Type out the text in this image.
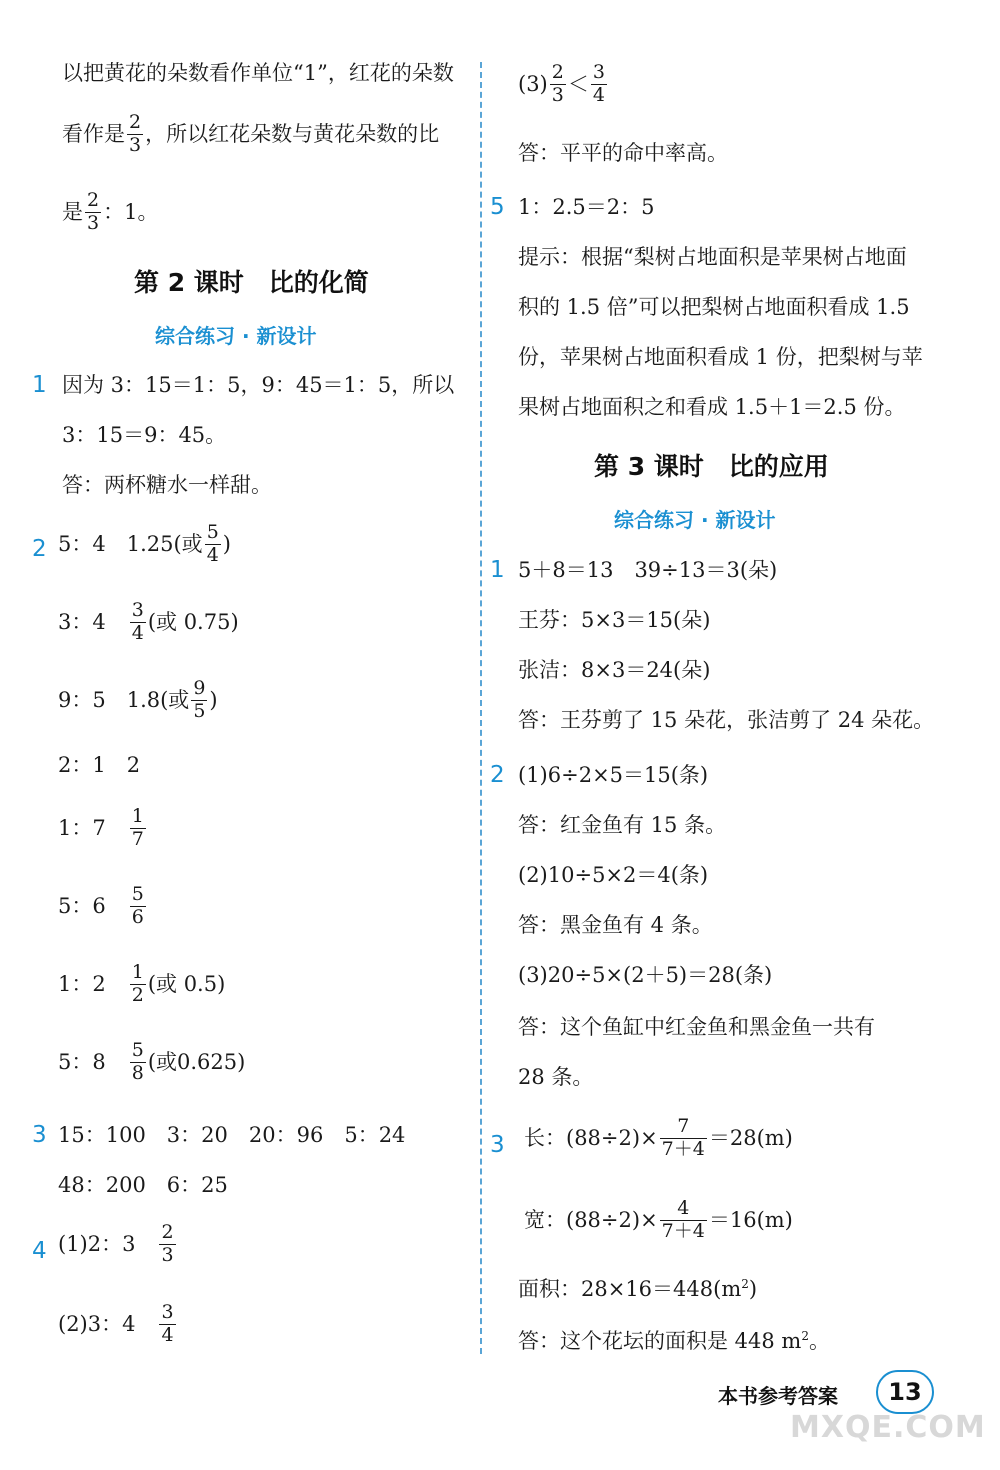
以把黄花的朵数看作单位“1”，红花的朵数
看作是 2
3 ，所以红花朵数与黄花朵数的比
是 2
3 ：1。
第 2 课时　比的化简
综合练习 · 新设计
1 因为 3：15＝1：5，9：45＝1：5，所以
3：15＝9：45。
答：两杯糖水一样甜。
2 5：4　1.25(或 5
4 )
3：4 3
4 (或 0.75)
9：5　1.8(或 9
5 )
2：1　2
1：7 1
7
5：6 5
6
1：2 1
2 (或 0.5)
5：8 5
8 (或0.625)
3 15：100　3：20　20：96　5：24
48：200　6：25
4 (1)2：3 2
3
(2)3：4 3
4
(3) 2
3 ＜ 3
4
答：平平的命中率高。
5 1：2.5＝2：5
提示：根据“梨树占地面积是苹果树占地面
积的 1.5 倍”可以把梨树占地面积看成 1.5
份，苹果树占地面积看成 1 份，把梨树与苹
果树占地面积之和看成 1.5＋1＝2.5 份。
第 3 课时　比的应用
综合练习 · 新设计
1 5＋8＝13　39÷13＝3(朵)
王芬：5×3＝15(朵)
张洁：8×3＝24(朵)
答：王芬剪了 15 朵花，张洁剪了 24 朵花。
2 (1)6÷2×5＝15(条)
答：红金鱼有 15 条。
(2)10÷5×2＝4(条)
答：黑金鱼有 4 条。
(3)20÷5×(2＋5)＝28(条)
答：这个鱼缸中红金鱼和黑金鱼一共有
28 条。
3 长：$(88\div 2)\times \frac{7}{7+4} =28(m)$
宽：$(88\div 2)\times \frac{4}{7+4} =16(m)$
面积：$28\times 16=448(m^2$ )
答：这个花坛的面积是 448 $m^2$ 。
本书参考答案 13
MXQE.COM
